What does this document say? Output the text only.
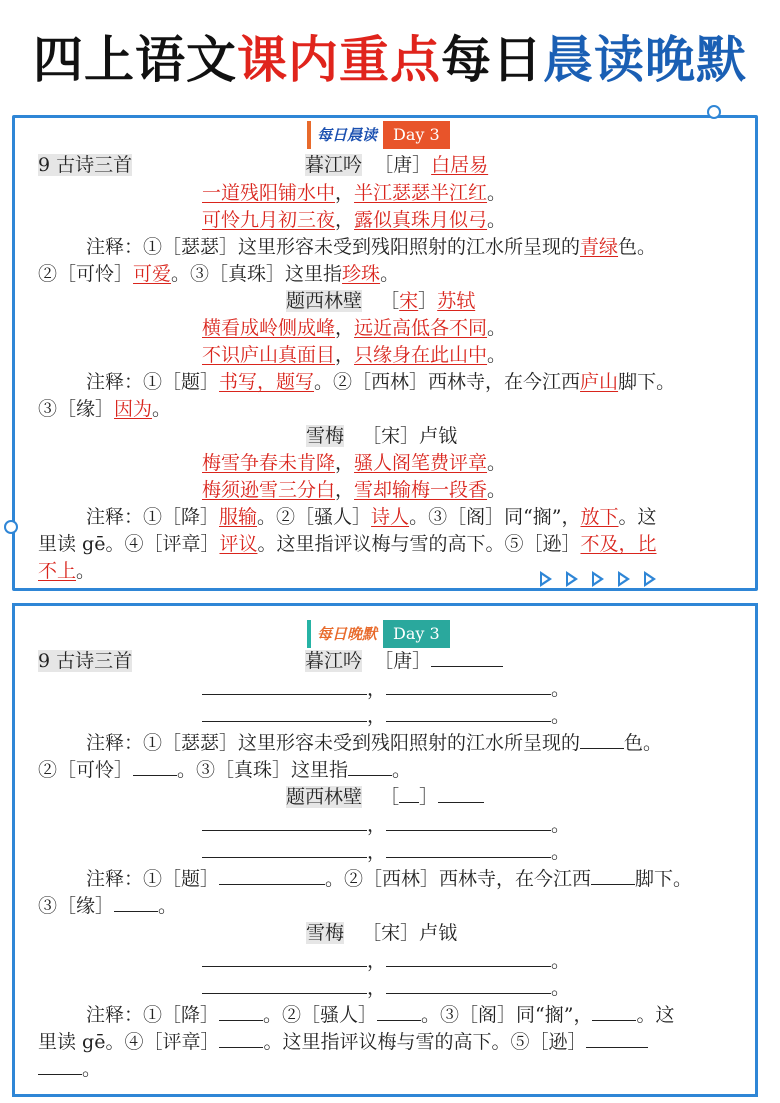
四上语文课内重点每日晨读晚默
每日晨读	Day 3
9 古诗三首	暮江吟 ［唐］白居易
一道残阳铺水中，半江瑟瑟半江红。
可怜九月初三夜，露似真珠月似弓。
注释：①［瑟瑟］这里形容未受到残阳照射的江水所呈现的青绿色。
②［可怜］可爱。③［真珠］这里指珍珠。
题西林壁 ［宋］苏轼
横看成岭侧成峰，远近高低各不同。
不识庐山真面目，只缘身在此山中。
注释：①［题］书写，题写。②［西林］西林寺，在今江西庐山脚下。
③［缘］因为。
雪梅 ［宋］卢钺
梅雪争春未肯降，骚人阁笔费评章。
梅须逊雪三分白，雪却输梅一段香。
注释：①［降］服输。②［骚人］诗人。③［阁］同“搁”，放下。这
里读 gē。④［评章］评议。这里指评议梅与雪的高下。⑤［逊］不及，比
不上。
每日晚默	Day 3
9 古诗三首	暮江吟 ［唐］
，	。
，	。
注释：①［瑟瑟］这里形容未受到残阳照射的江水所呈现的 色。
②［可怜］ 。③［真珠］这里指 。
题西林壁 ［ ］
，	。
，	。
注释：①［题］	。②［西林］西林寺，在今江西 脚下。
③［缘］ 。
雪梅 ［宋］卢钺
，	。
，	。
注释：①［降］ 。②［骚人］ 。③［阁］同“搁”， 。这
里读 gē。④［评章］ 。这里指评议梅与雪的高下。⑤［逊］
。
